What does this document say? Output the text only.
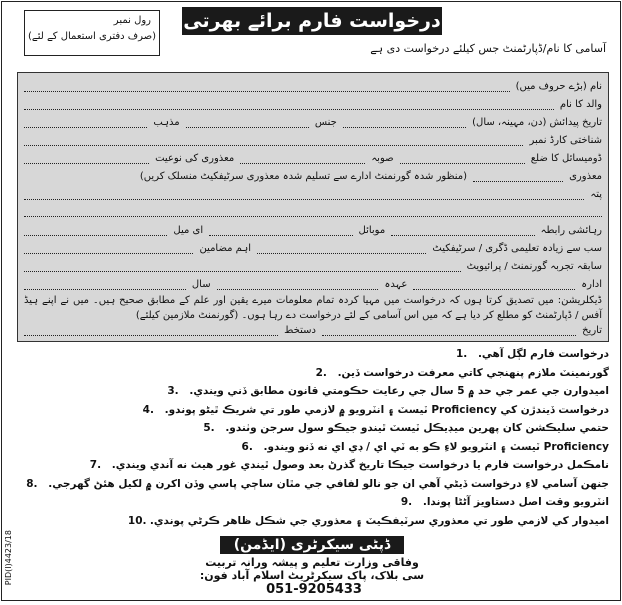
درخواست فارم برائے بھرتی
رول نمبر
(صرف دفتری استعمال کے لئے)
آسامی کا نام/ڈپارٹمنٹ جس کیلئے درخواست دی ہے
نام (بڑے حروف میں)
والد کا نام
تاریخ پیدائش (دن، مہینہ، سال)
جنس
مذہب
شناختی کارڈ نمبر
ڈومیسائل کا ضلع
صوبہ
معذوری کی نوعیت
معذوری
(منظور شدہ گورنمنٹ ادارے سے تسلیم شدہ معذوری سرٹیفکیٹ منسلک کریں)
پتہ
رہائشی رابطہ
موبائل
ای میل
سب سے زیادہ تعلیمی ڈگری / سرٹیفکیٹ
اہم مضامین
سابقہ تجربہ گورنمنٹ / پرائیویٹ
ادارہ
عہدہ
سال
ڈیکلریشن: میں تصدیق کرتا ہوں کہ درخواست میں مہیا کردہ تمام معلومات میرے یقین اور علم کے مطابق صحیح ہیں۔ میں نے اپنے ہیڈ آفس / ڈپارٹمنٹ کو مطلع کر دیا ہے کہ میں اس آسامی کے لئے درخواست دے رہا ہوں۔ (گورنمنٹ ملازمین کیلئے)
تاریخ
دستخط
درخواست فارم لڳل آهي.
1.
گورنمينٽ ملازم پنهنجي کاتي معرفت درخواست ڏين.
2.
اميدوارن جي عمر جي حد ۾ 5 سال جي رعايت حڪومتي قانون مطابق ڏني ويندي.
3.
درخواست ڏيندڙن کي Proficiency ٽيسٽ ۽ انٽرويو ۾ لازمي طور تي شريڪ ٿيڻو پوندو.
4.
حتمي سليڪشن کان پهرين ميڊيڪل ٽيسٽ ٿيندو جيڪو سول سرجن وٺندو.
5.
Proficiency ٽيسٽ ۽ انٽرويو لاءِ ڪو به ٽي اي / ڊي اي نه ڏنو ويندو.
6.
نامڪمل درخواست فارم يا درخواست جيڪا تاريخ گذرڻ بعد وصول ٿيندي غور هيٺ نه آندي ويندي.
7.
جنهن آسامي لاءِ درخواست ڏيڻي آهي ان جو نالو لفافي جي مٿان ساڄي پاسي وڏن اکرن ۾ لکيل هئڻ گهرجي.
8.
انٽرويو وقت اصل دستاويز آڻڻا پوندا.
9.
اميدوار کي لازمي طور تي معذوري سرٽيفڪيٽ ۽ معذوري جي شڪل ظاهر ڪرڻي پوندي.
10.
PID(I)4423/18	ڈپٹی سیکرٹری (ایڈمن)
وفاقی وزارت تعلیم و پیشہ ورانہ تربیت
سی بلاک، پاک سیکرٹریٹ اسلام آباد فون: 051-9205433
